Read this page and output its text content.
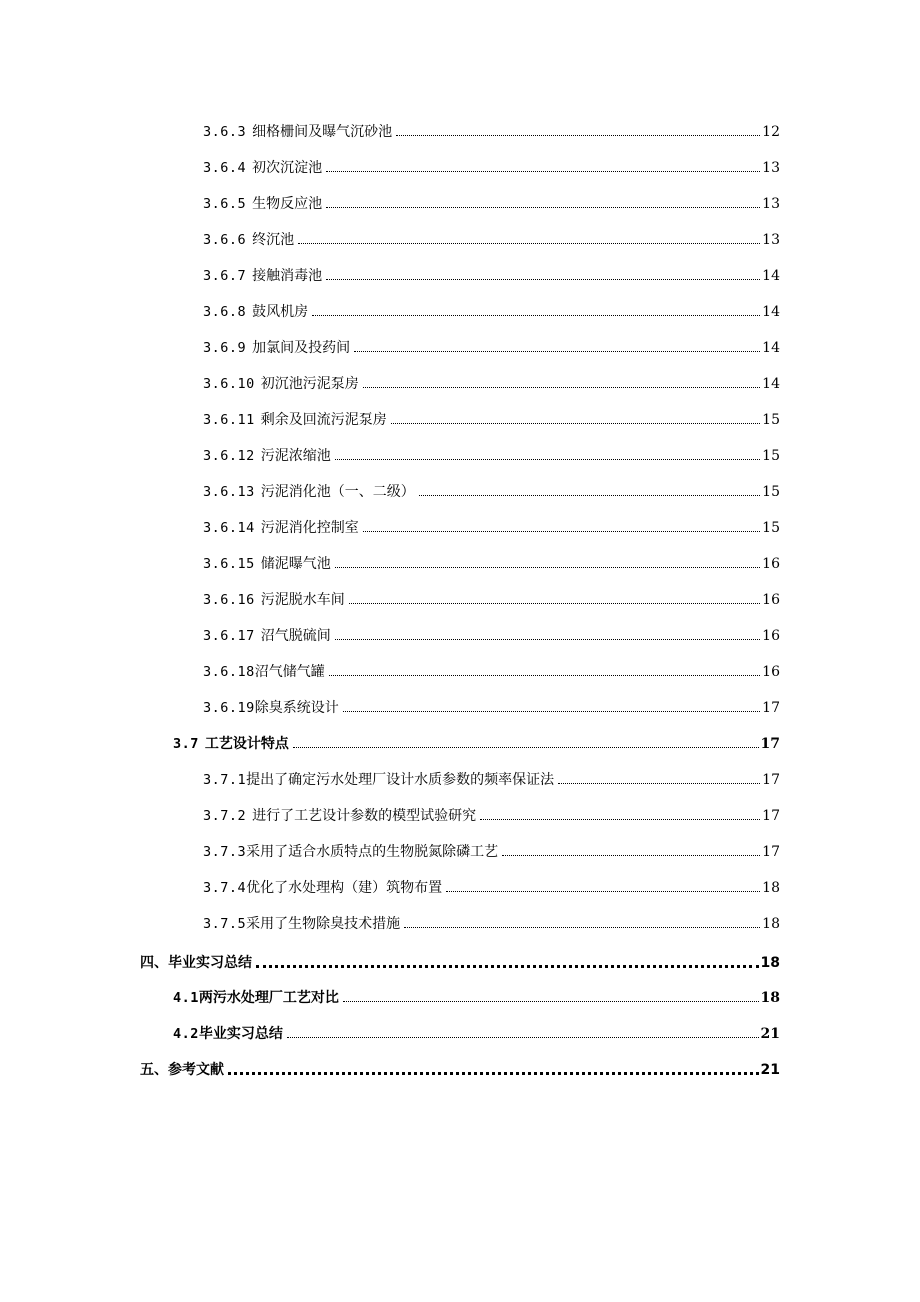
3.6.3 细格栅间及曝气沉砂池	12
3.6.4 初次沉淀池	13
3.6.5 生物反应池	13
3.6.6 终沉池	13
3.6.7 接触消毒池	14
3.6.8 鼓风机房	14
3.6.9 加氯间及投药间	14
3.6.10 初沉池污泥泵房	14
3.6.11 剩余及回流污泥泵房	15
3.6.12 污泥浓缩池	15
3.6.13 污泥消化池（一、二级）	15
3.6.14 污泥消化控制室	15
3.6.15 储泥曝气池	16
3.6.16 污泥脱水车间	16
3.6.17 沼气脱硫间	16
3.6.18 沼气储气罐	16
3.6.19 除臭系统设计	17
3.7 工艺设计特点	17
3.7.1 提出了确定污水处理厂设计水质参数的频率保证法	17
3.7.2 进行了工艺设计参数的模型试验研究	17
3.7.3 采用了适合水质特点的生物脱氮除磷工艺	17
3.7.4 优化了水处理构（建）筑物布置	18
3.7.5 采用了生物除臭技术措施	18
四、毕业实习总结	18
4.1 两污水处理厂工艺对比	18
4.2 毕业实习总结	21
五、参考文献	21
